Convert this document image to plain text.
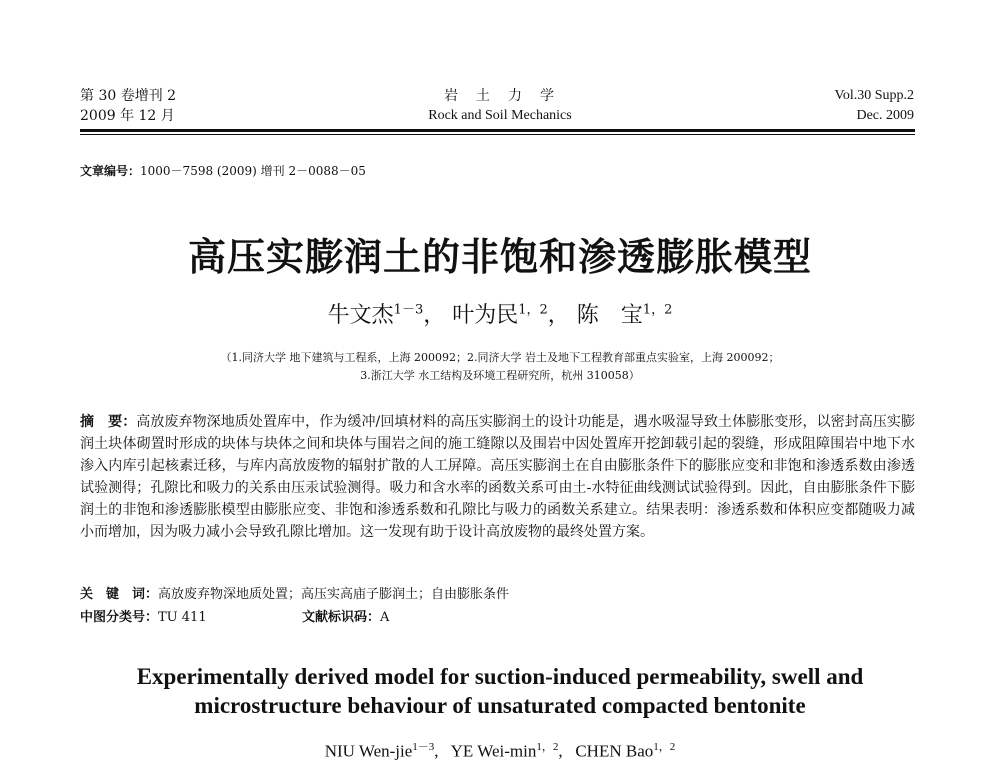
第 30 卷增刊 2
2009 年 12 月
岩　土　力　学
Rock and Soil Mechanics
Vol.30 Supp.2
Dec. 2009
文章编号：1000－7598 (2009) 增刊 2－0088－05
高压实膨润土的非饱和渗透膨胀模型
牛文杰$^{1-3}$， 叶为民$^{1,2}$， 陈　宝$^{1,2}$
（1.同济大学 地下建筑与工程系，上海 200092；2.同济大学 岩土及地下工程教育部重点实验室，上海 200092；
3.浙江大学 水工结构及环境工程研究所，杭州 310058）
摘　要：高放废弃物深地质处置库中，作为缓冲/回填材料的高压实膨润土的设计功能是，遇水吸湿导致土体膨胀变形，以密封高压实膨润土块体砌置时形成的块体与块体之间和块体与围岩之间的施工缝隙以及围岩中因处置库开挖卸载引起的裂缝，形成阻障围岩中地下水渗入内库引起核素迁移，与库内高放废物的辐射扩散的人工屏障。高压实膨润土在自由膨胀条件下的膨胀应变和非饱和渗透系数由渗透试验测得；孔隙比和吸力的关系由压汞试验测得。吸力和含水率的函数关系可由土-水特征曲线测试试验得到。因此，自由膨胀条件下膨润土的非饱和渗透膨胀模型由膨胀应变、非饱和渗透系数和孔隙比与吸力的函数关系建立。结果表明：渗透系数和体积应变都随吸力减小而增加，因为吸力减小会导致孔隙比增加。这一发现有助于设计高放废物的最终处置方案。
关　键　词：高放废弃物深地质处置；高压实高庙子膨润土；自由膨胀条件
中图分类号：TU 411	文献标识码：A
Experimentally derived model for suction-induced permeability, swell and
microstructure behaviour of unsaturated compacted bentonite
NIU Wen-jie$^{1-3}$,   YE Wei-$\min^{1,2}$,   CHEN Bao$^{1,2}$
